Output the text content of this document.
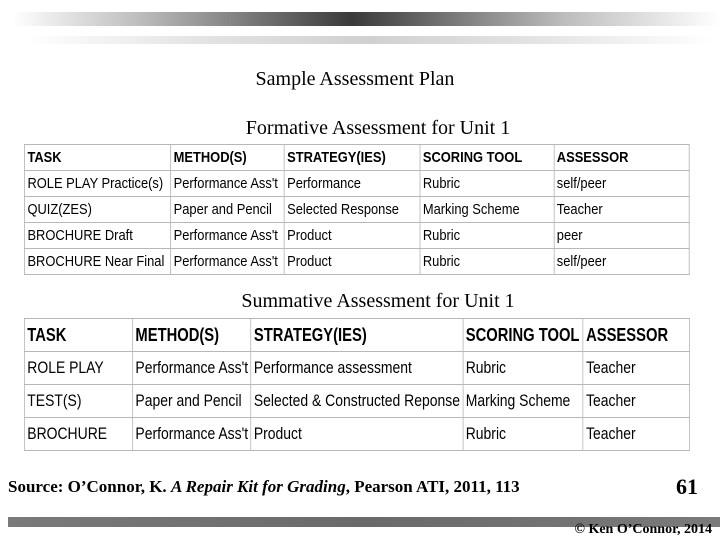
Sample Assessment Plan
Formative Assessment for Unit 1
TASK	METHOD(S)	STRATEGY(IES)	SCORING TOOL	ASSESSOR
ROLE PLAY Practice(s)	Performance Ass't	Performance	Rubric	self/peer
QUIZ(ZES)	Paper and Pencil	Selected Response	Marking Scheme	Teacher
BROCHURE Draft	Performance Ass't	Product	Rubric	peer
BROCHURE Near Final	Performance Ass't	Product	Rubric	self/peer
Summative Assessment for Unit 1
TASK	METHOD(S)	STRATEGY(IES)	SCORING TOOL	ASSESSOR
ROLE PLAY	Performance Ass't	Performance assessment	Rubric	Teacher
TEST(S)	Paper and Pencil	Selected & Constructed Reponse	Marking Scheme	Teacher
BROCHURE	Performance Ass't	Product	Rubric	Teacher
Source: O’Connor, K. A Repair Kit for Grading, Pearson ATI, 2011, 113	61
© Ken O’Connor, 2014
